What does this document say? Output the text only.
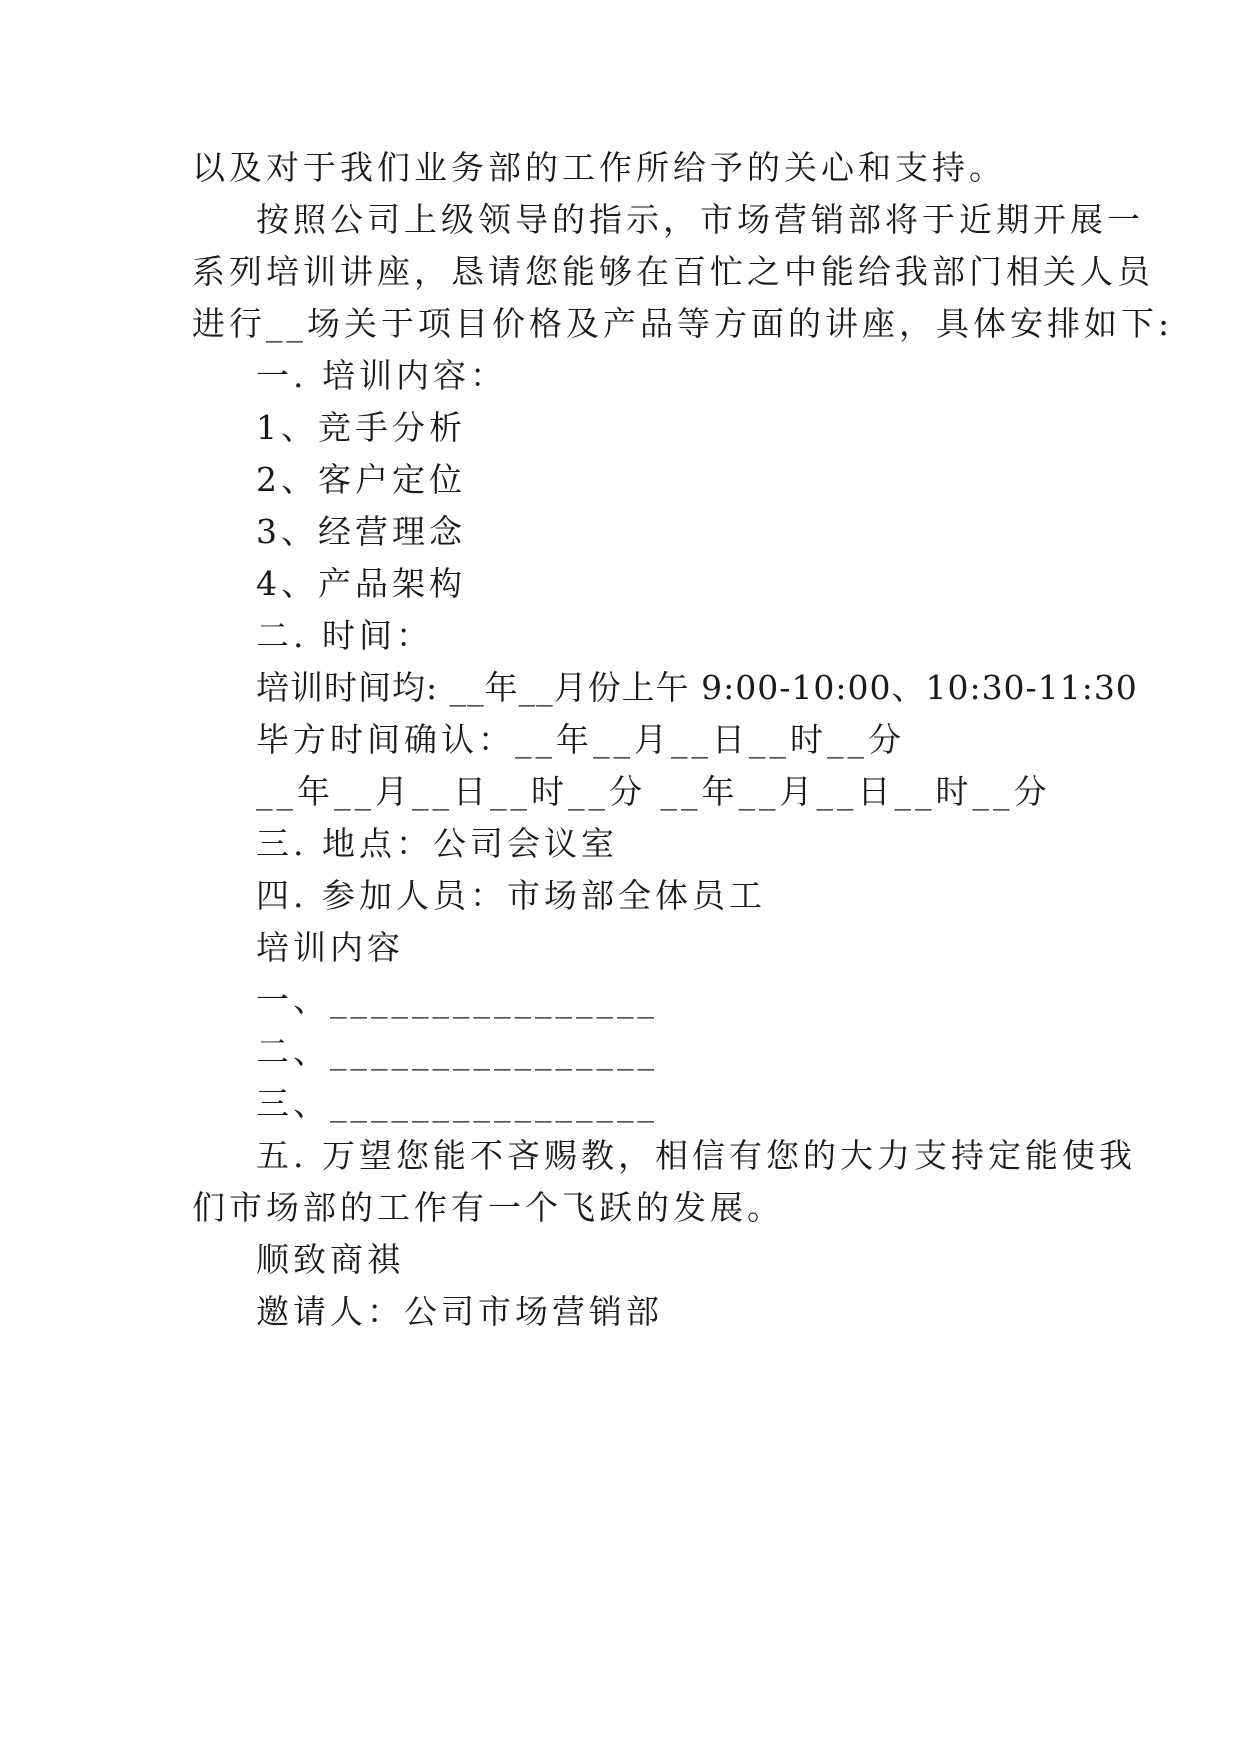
以及对于我们业务部的工作所给予的关心和支持。
按照公司上级领导的指示，市场营销部将于近期开展一
系列培训讲座，恳请您能够在百忙之中能给我部门相关人员
进行__场关于项目价格及产品等方面的讲座，具体安排如下:
一. 培训内容：
1、竞手分析
2、客户定位
3、经营理念
4、产品架构
二. 时间：
培训时间均: __年__月份上午 9:00-10:00、10:30-11:30
毕方时间确认：__年__月__日__时__分
__年__月__日__时__分 __年__月__日__时__分
三. 地点：公司会议室
四. 参加人员：市场部全体员工
培训内容
一、________________
二、________________
三、________________
五. 万望您能不吝赐教，相信有您的大力支持定能使我
们市场部的工作有一个飞跃的发展。
顺致商祺
邀请人：公司市场营销部
